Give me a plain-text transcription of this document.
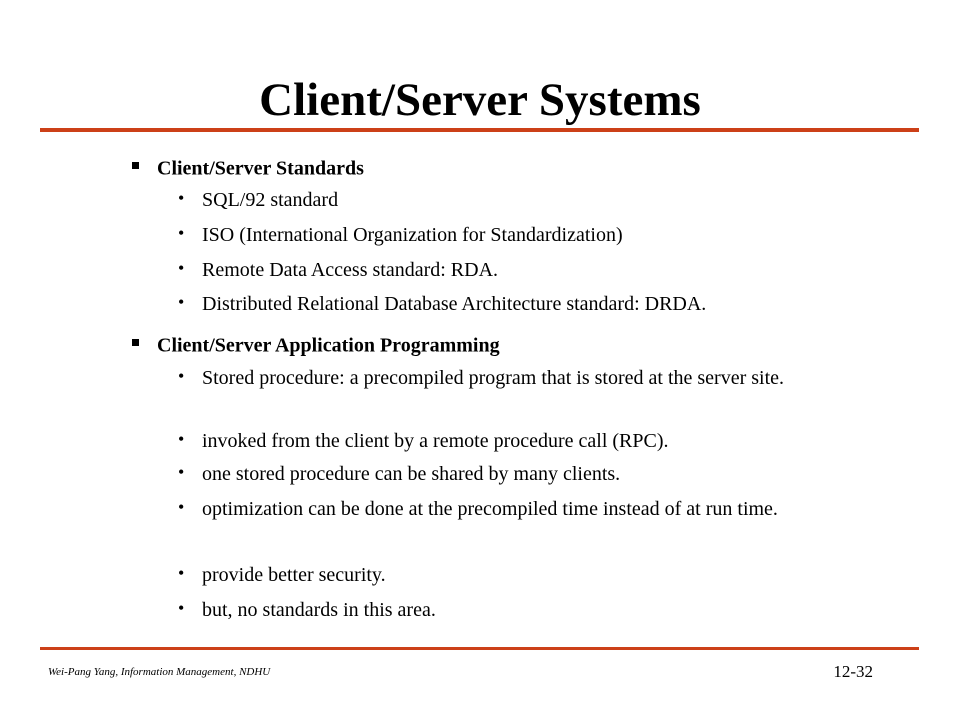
Client/Server Systems
Client/Server Standards
• SQL/92 standard
• ISO (International Organization for Standardization)
• Remote Data Access standard: RDA.
• Distributed Relational Database Architecture standard: DRDA.
Client/Server Application Programming
• Stored procedure: a precompiled program that is stored at the server site.
• invoked from the client by a remote procedure call (RPC).
• one stored procedure can be shared by many clients.
• optimization can be done at the precompiled time instead of at run time.
• provide better security.
• but, no standards in this area.
Wei-Pang Yang, Information Management, NDHU	12-32
